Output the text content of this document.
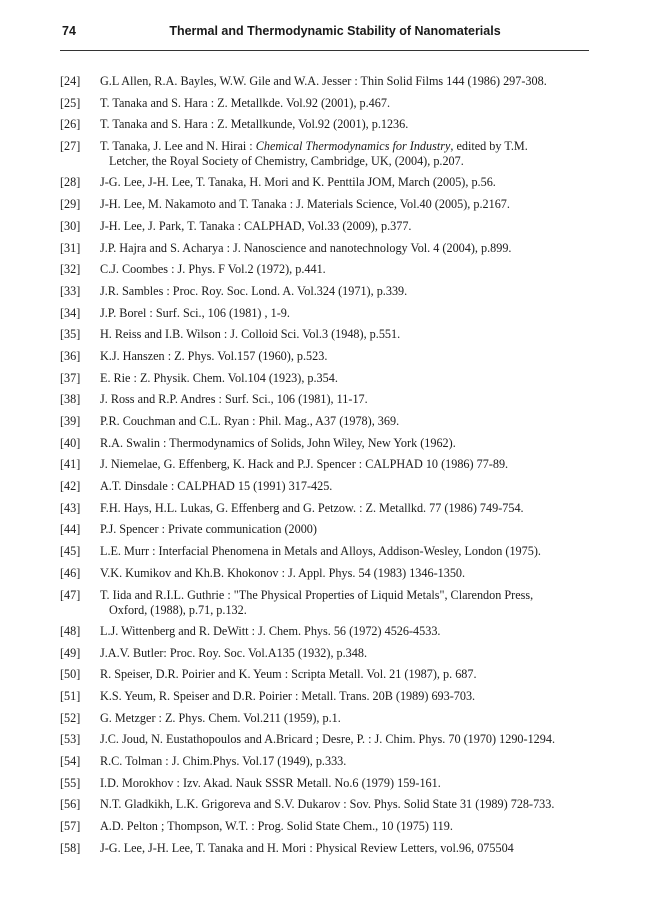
74	Thermal and Thermodynamic Stability of Nanomaterials
[24] G.L Allen, R.A. Bayles, W.W. Gile and W.A. Jesser : Thin Solid Films 144 (1986) 297-308.
[25] T. Tanaka and S. Hara : Z. Metallkde. Vol.92 (2001), p.467.
[26] T. Tanaka and S. Hara : Z. Metallkunde, Vol.92 (2001), p.1236.
[27] T. Tanaka, J. Lee and N. Hirai : Chemical Thermodynamics for Industry, edited by T.M.
Letcher, the Royal Society of Chemistry, Cambridge, UK, (2004), p.207.
[28] J-G. Lee, J-H. Lee, T. Tanaka, H. Mori and K. Penttila JOM, March (2005), p.56.
[29] J-H. Lee, M. Nakamoto and T. Tanaka : J. Materials Science, Vol.40 (2005), p.2167.
[30] J-H. Lee, J. Park, T. Tanaka : CALPHAD, Vol.33 (2009), p.377.
[31] J.P. Hajra and S. Acharya : J. Nanoscience and nanotechnology Vol. 4 (2004), p.899.
[32] C.J. Coombes : J. Phys. F Vol.2 (1972), p.441.
[33] J.R. Sambles : Proc. Roy. Soc. Lond. A. Vol.324 (1971), p.339.
[34] J.P. Borel : Surf. Sci., 106 (1981) , 1-9.
[35] H. Reiss and I.B. Wilson : J. Colloid Sci. Vol.3 (1948), p.551.
[36] K.J. Hanszen : Z. Phys. Vol.157 (1960), p.523.
[37] E. Rie : Z. Physik. Chem. Vol.104 (1923), p.354.
[38] J. Ross and R.P. Andres : Surf. Sci., 106 (1981), 11-17.
[39] P.R. Couchman and C.L. Ryan : Phil. Mag., A37 (1978), 369.
[40] R.A. Swalin : Thermodynamics of Solids, John Wiley, New York (1962).
[41] J. Niemelae, G. Effenberg, K. Hack and P.J. Spencer : CALPHAD 10 (1986) 77-89.
[42] A.T. Dinsdale : CALPHAD 15 (1991) 317-425.
[43] F.H. Hays, H.L. Lukas, G. Effenberg and G. Petzow. : Z. Metallkd. 77 (1986) 749-754.
[44] P.J. Spencer : Private communication (2000)
[45] L.E. Murr : Interfacial Phenomena in Metals and Alloys, Addison-Wesley, London (1975).
[46] V.K. Kumikov and Kh.B. Khokonov : J. Appl. Phys. 54 (1983) 1346-1350.
[47] T. Iida and R.I.L. Guthrie : "The Physical Properties of Liquid Metals", Clarendon Press,
Oxford, (1988), p.71, p.132.
[48] L.J. Wittenberg and R. DeWitt : J. Chem. Phys. 56 (1972) 4526-4533.
[49] J.A.V. Butler: Proc. Roy. Soc. Vol.A135 (1932), p.348.
[50] R. Speiser, D.R. Poirier and K. Yeum : Scripta Metall. Vol. 21 (1987), p. 687.
[51] K.S. Yeum, R. Speiser and D.R. Poirier : Metall. Trans. 20B (1989) 693-703.
[52] G. Metzger : Z. Phys. Chem. Vol.211 (1959), p.1.
[53] J.C. Joud, N. Eustathopoulos and A.Bricard ; Desre, P. : J. Chim. Phys. 70 (1970) 1290-1294.
[54] R.C. Tolman : J. Chim.Phys. Vol.17 (1949), p.333.
[55] I.D. Morokhov : Izv. Akad. Nauk SSSR Metall. No.6 (1979) 159-161.
[56] N.T. Gladkikh, L.K. Grigoreva and S.V. Dukarov : Sov. Phys. Solid State 31 (1989) 728-733.
[57] A.D. Pelton ; Thompson, W.T. : Prog. Solid State Chem., 10 (1975) 119.
[58] J-G. Lee, J-H. Lee, T. Tanaka and H. Mori : Physical Review Letters, vol.96, 075504
